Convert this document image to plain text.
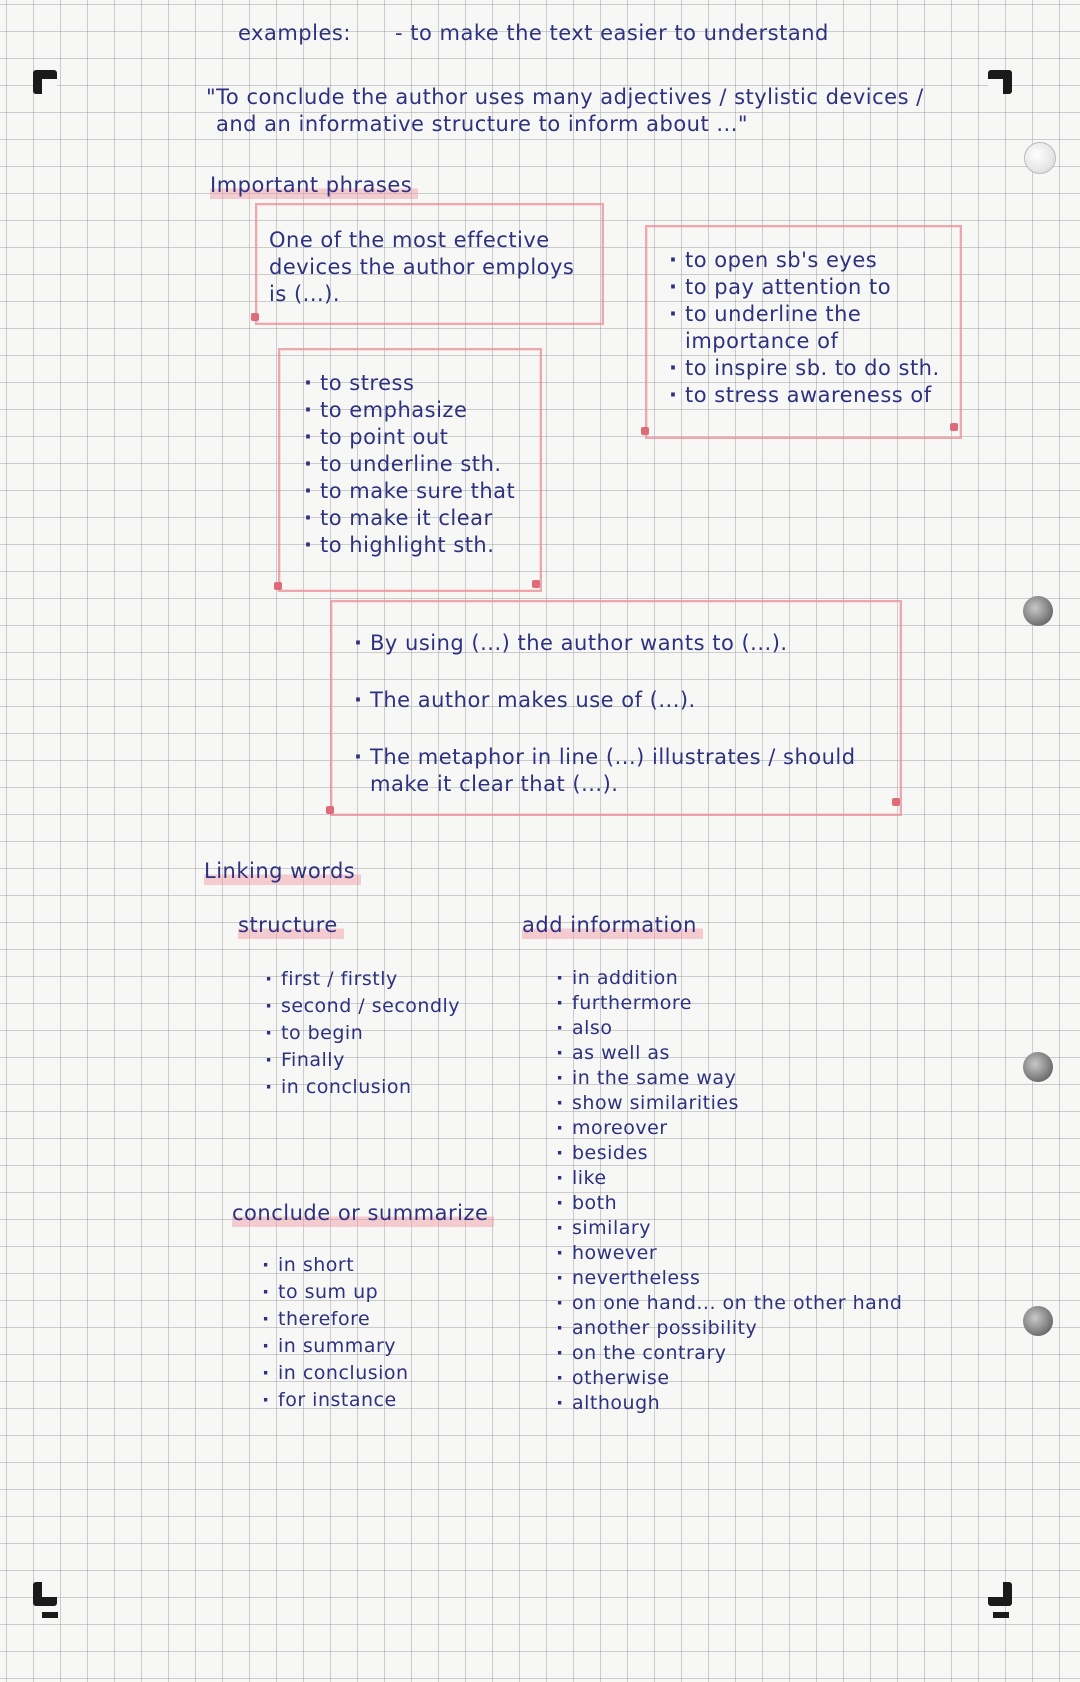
examples: - to make the text easier to understand
"To conclude the author uses many adjectives / stylistic devices /
and an informative structure to inform about ..."
Important phrases
One of the most effective
devices the author employs
is (...).
· to open sb's eyes
· to pay attention to
· to underline the importance of
· to inspire sb. to do sth.
· to stress awareness of
· to stress
· to emphasize
· to point out
· to underline sth.
· to make sure that
· to make it clear
· to highlight sth.
· By using (...) the author wants to (...).
· The author makes use of (...).
· The metaphor in line (...) illustrates / should make it clear that (...).
Linking words
structure
· first / firstly
· second / secondly
· to begin
· Finally
· in conclusion
conclude or summarize
· in short
· to sum up
· therefore
· in summary
· in conclusion
· for instance
add information
· in addition
· furthermore
· also
· as well as
· in the same way
· show similarities
· moreover
· besides
· like
· both
· similary
· however
· nevertheless
· on one hand... on the other hand
· another possibility
· on the contrary
· otherwise
· although
